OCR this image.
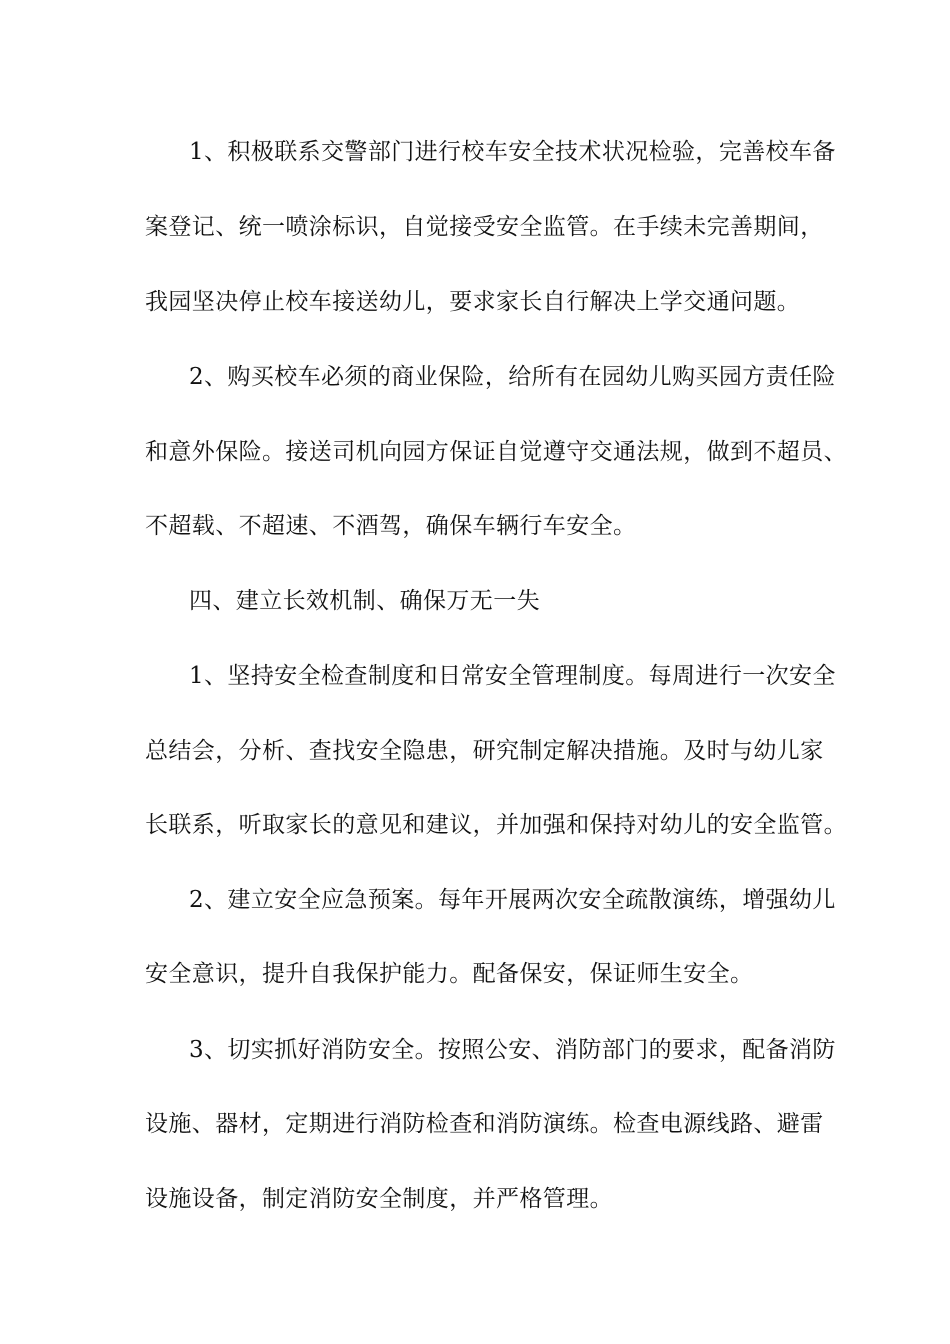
1、积极联系交警部门进行校车安全技术状况检验，完善校车备
案登记、统一喷涂标识，自觉接受安全监管。在手续未完善期间，
我园坚决停止校车接送幼儿，要求家长自行解决上学交通问题。
2、购买校车必须的商业保险，给所有在园幼儿购买园方责任险
和意外保险。接送司机向园方保证自觉遵守交通法规，做到不超员、
不超载、不超速、不酒驾，确保车辆行车安全。
四、建立长效机制、确保万无一失
1、坚持安全检查制度和日常安全管理制度。每周进行一次安全
总结会，分析、查找安全隐患，研究制定解决措施。及时与幼儿家
长联系，听取家长的意见和建议，并加强和保持对幼儿的安全监管。
2、建立安全应急预案。每年开展两次安全疏散演练，增强幼儿
安全意识，提升自我保护能力。配备保安，保证师生安全。
3、切实抓好消防安全。按照公安、消防部门的要求，配备消防
设施、器材，定期进行消防检查和消防演练。检查电源线路、避雷
设施设备，制定消防安全制度，并严格管理。
